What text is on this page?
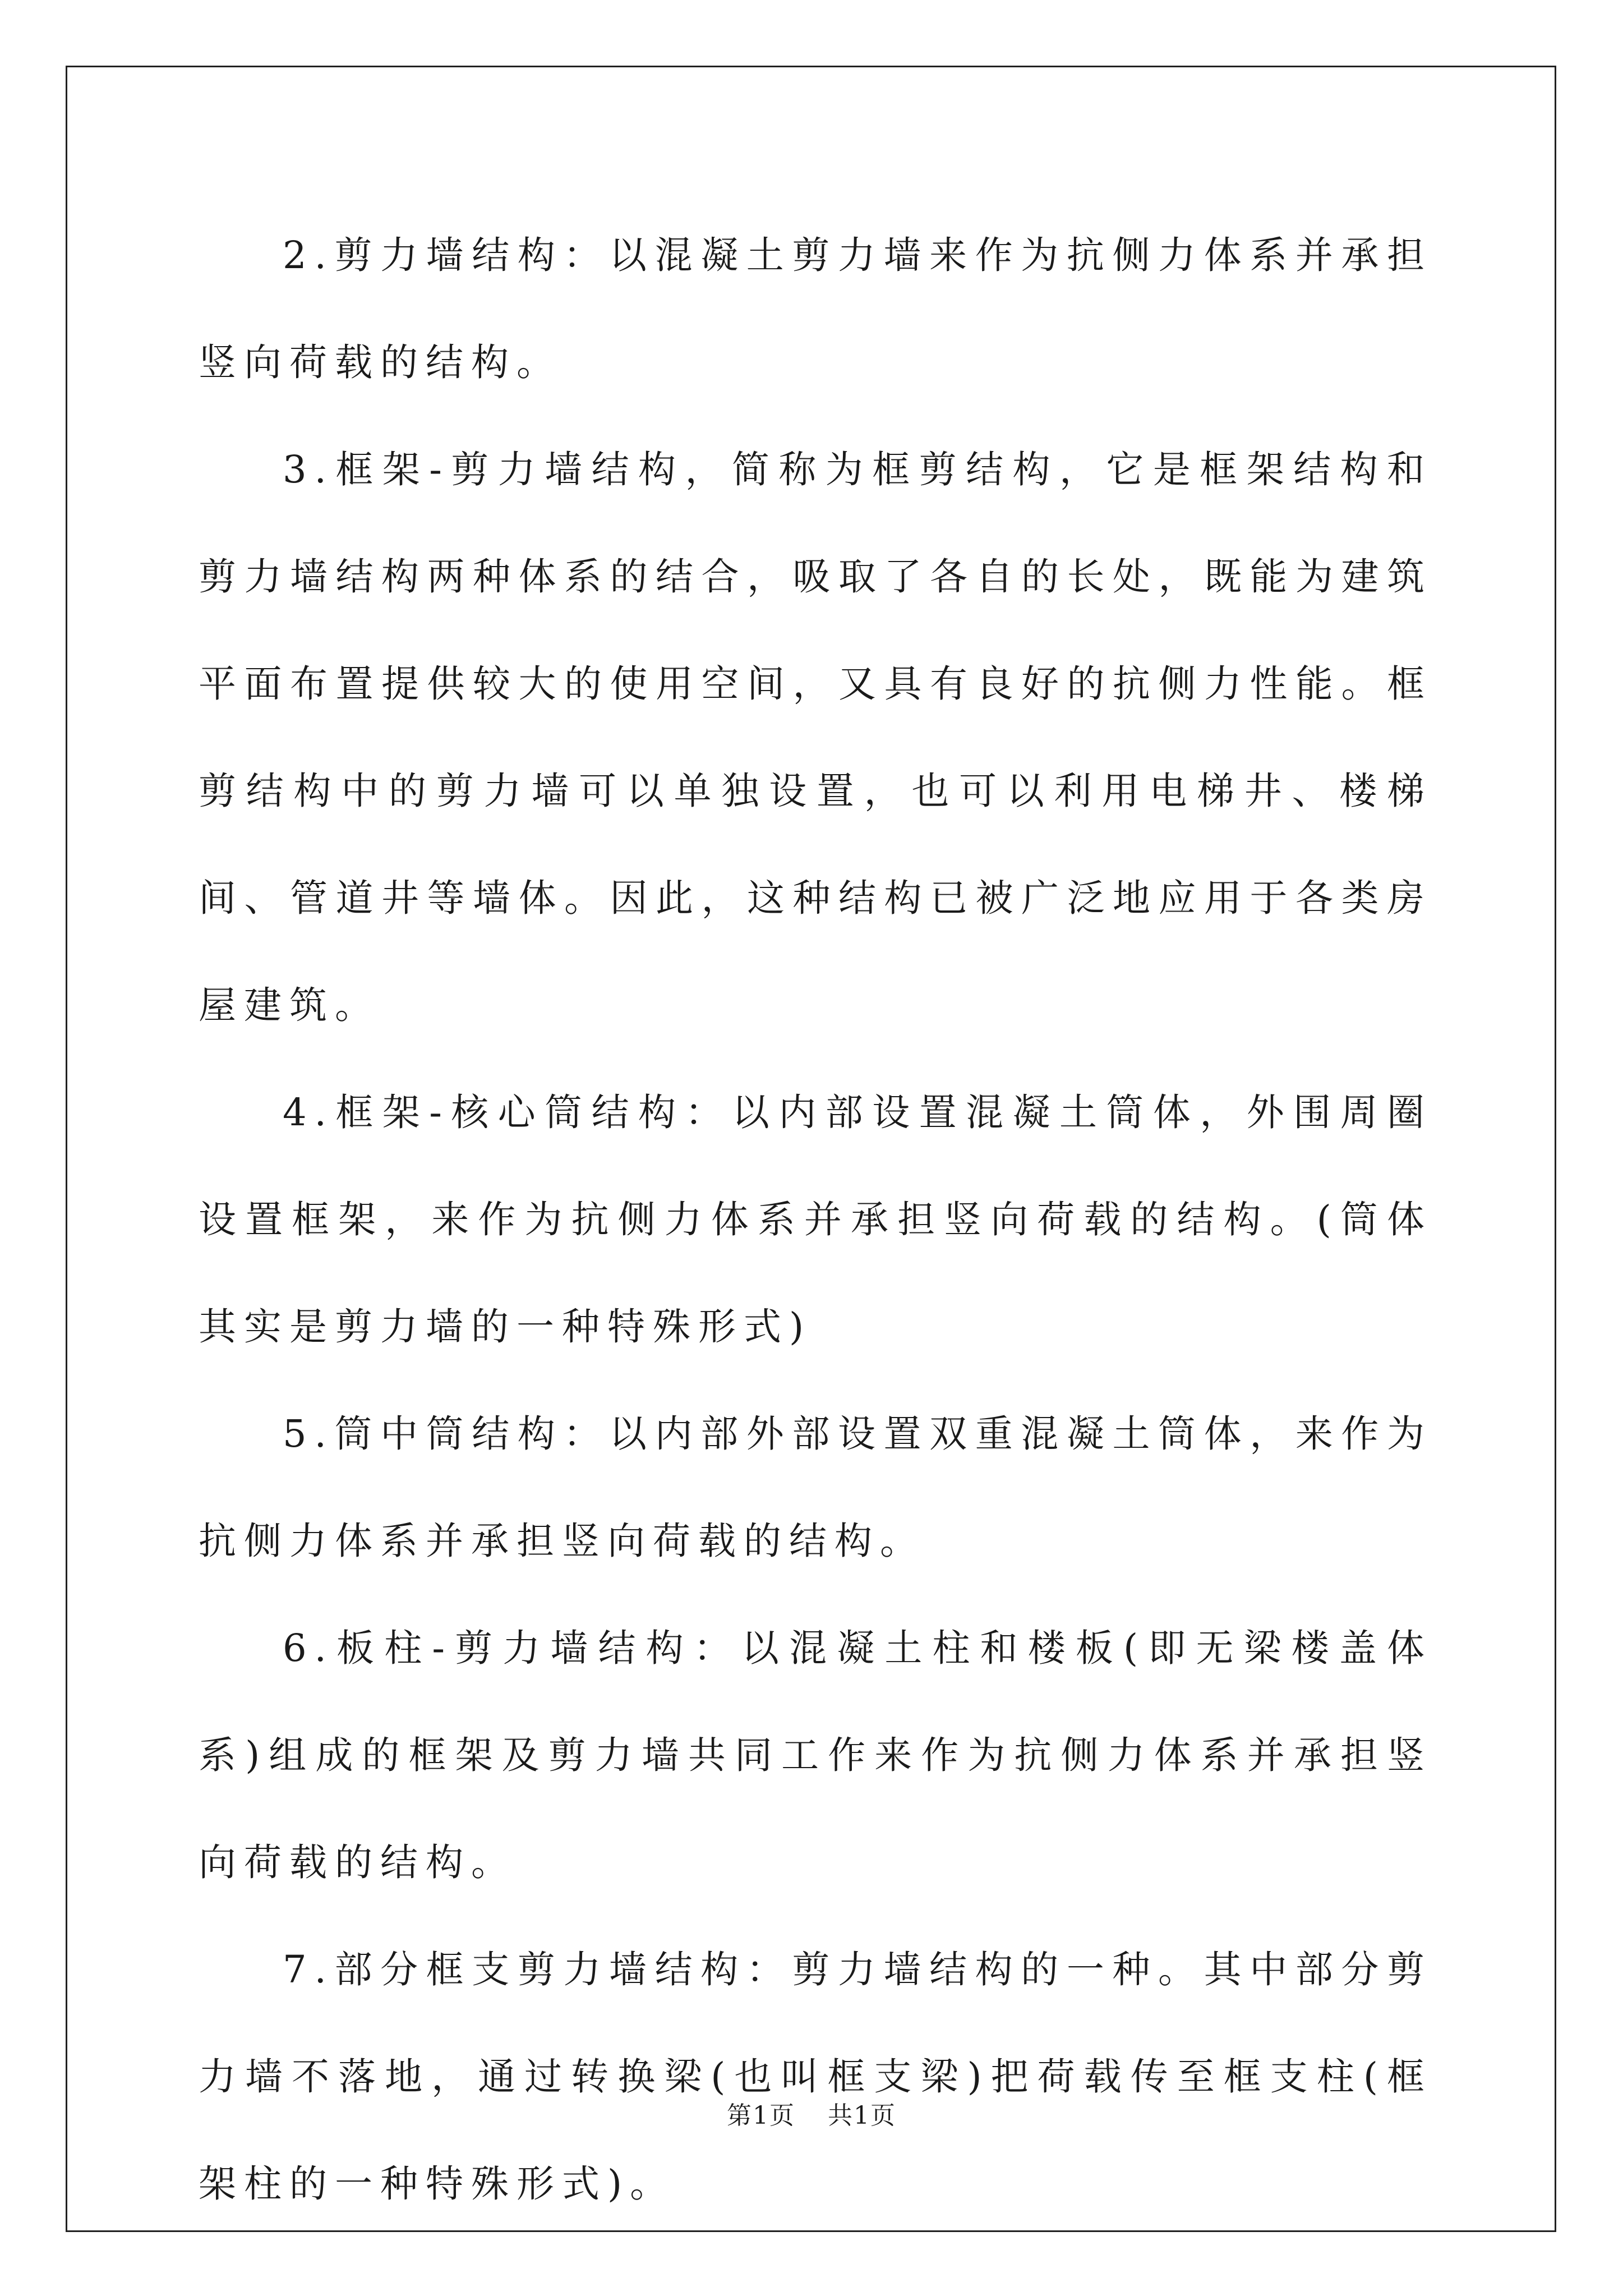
2.剪力墙结构：以混凝土剪力墙来作为抗侧力体系并承担竖向荷载的结构。

3.框架-剪力墙结构，简称为框剪结构，它是框架结构和剪力墙结构两种体系的结合，吸取了各自的长处，既能为建筑平面布置提供较大的使用空间，又具有良好的抗侧力性能。框剪结构中的剪力墙可以单独设置，也可以利用电梯井、楼梯间、管道井等墙体。因此，这种结构已被广泛地应用于各类房屋建筑。

4.框架-核心筒结构：以内部设置混凝土筒体，外围周圈设置框架，来作为抗侧力体系并承担竖向荷载的结构。(筒体其实是剪力墙的一种特殊形式)

5.筒中筒结构：以内部外部设置双重混凝土筒体，来作为抗侧力体系并承担竖向荷载的结构。

6.板柱-剪力墙结构：以混凝土柱和楼板(即无梁楼盖体系)组成的框架及剪力墙共同工作来作为抗侧力体系并承担竖向荷载的结构。

7.部分框支剪力墙结构：剪力墙结构的一种。其中部分剪力墙不落地，通过转换梁(也叫框支梁)把荷载传至框支柱(框架柱的一种特殊形式)。

第1页 共1页
